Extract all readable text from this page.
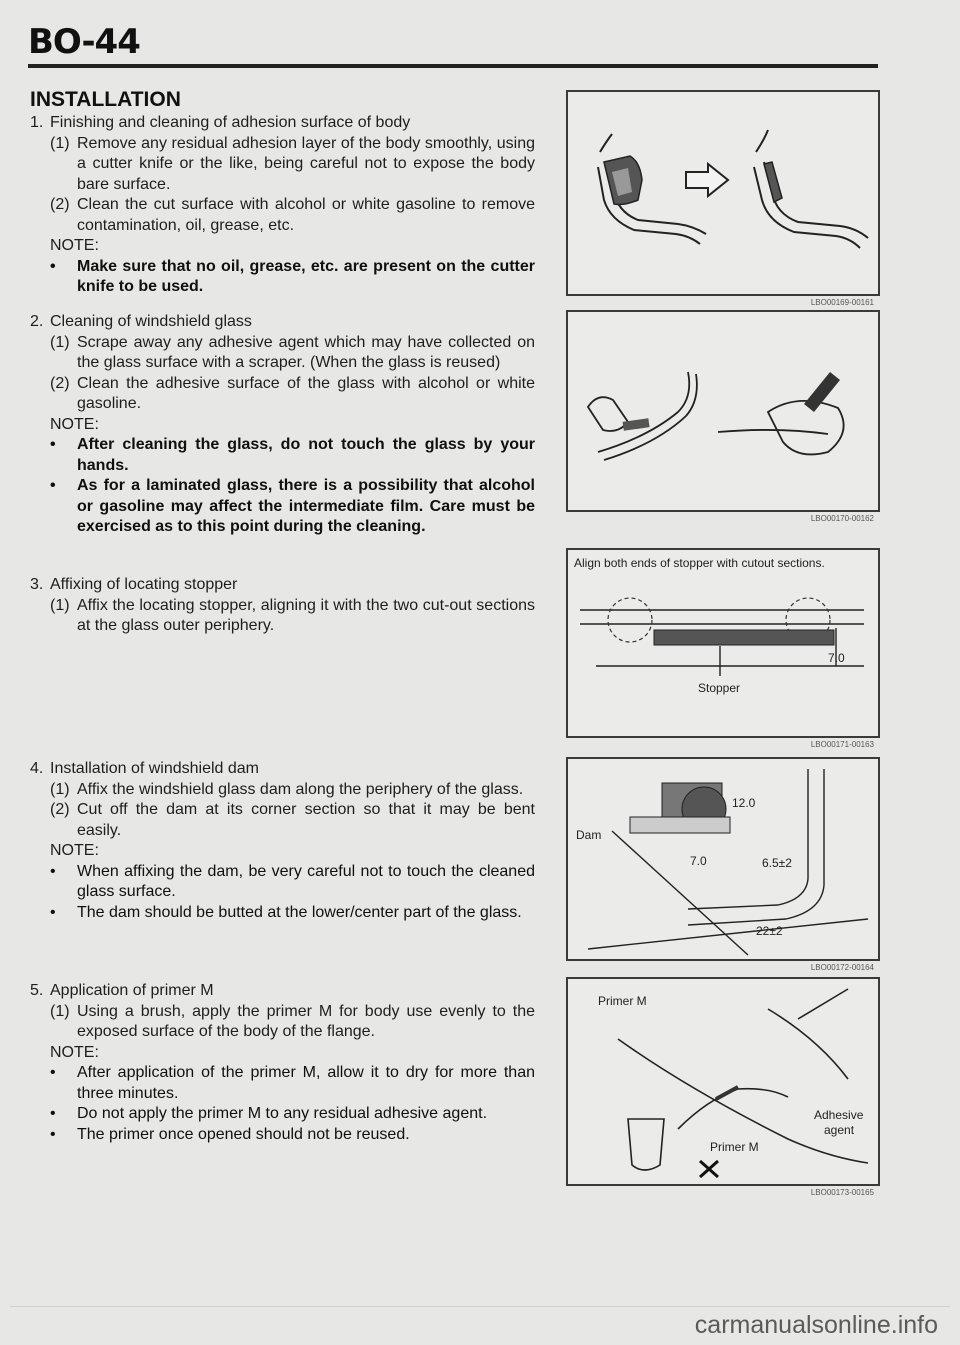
BO-44
INSTALLATION
1. Finishing and cleaning of adhesion surface of body
(1) Remove any residual adhesion layer of the body smoothly, using a cutter knife or the like, being careful not to expose the body bare surface.
(2) Clean the cut surface with alcohol or white gasoline to remove contamination, oil, grease, etc.
NOTE:
•	Make sure that no oil, grease, etc. are present on the cutter knife to be used.
2. Cleaning of windshield glass
(1) Scrape away any adhesive agent which may have collected on the glass surface with a scraper. (When the glass is reused)
(2) Clean the adhesive surface of the glass with alcohol or white gasoline.
NOTE:
•	After cleaning the glass, do not touch the glass by your hands.
•	As for a laminated glass, there is a possibility that alcohol or gasoline may affect the intermediate film. Care must be exercised as to this point during the cleaning.
3. Affixing of locating stopper
(1) Affix the locating stopper, aligning it with the two cut-out sections at the glass outer periphery.
4. Installation of windshield dam
(1) Affix the windshield glass dam along the periphery of the glass.
(2) Cut off the dam at its corner section so that it may be bent easily.
NOTE:
•	When affixing the dam, be very careful not to touch the cleaned glass surface.
•	The dam should be butted at the lower/center part of the glass.
5. Application of primer M
(1) Using a brush, apply the primer M for body use evenly to the exposed surface of the body of the flange.
NOTE:
•	After application of the primer M, allow it to dry for more than three minutes.
•	Do not apply the primer M to any residual adhesive agent.
•	The primer once opened should not be reused.
LBO00169-00161
LBO00170-00162
Align both ends of stopper with cutout sections.
7.0
Stopper
LBO00171-00163
Dam
12.0
7.0	6.5±2
22±2
LBO00172-00164
Primer M
Adhesive
agent
Primer M
LBO00173-00165
carmanualsonline.info
